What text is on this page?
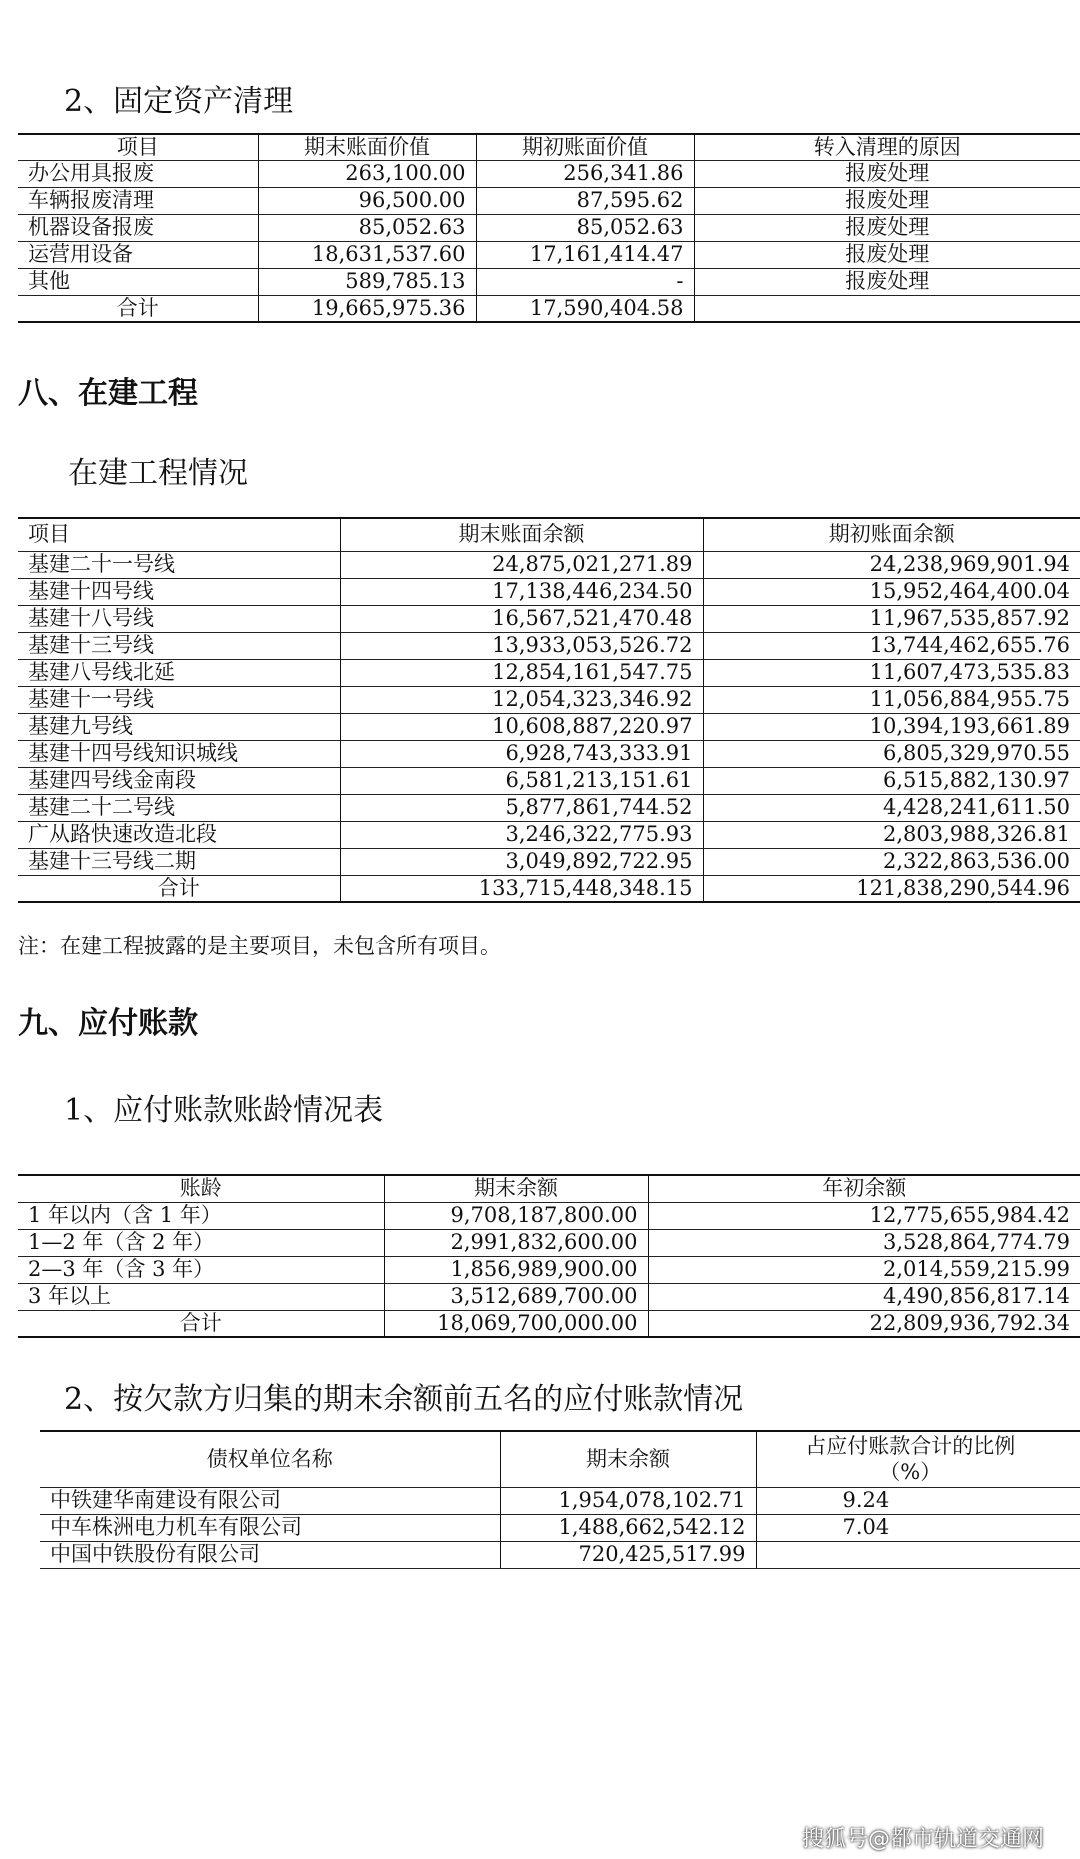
2、固定资产清理
项目	期末账面价值	期初账面价值	转入清理的原因
办公用具报废	263,100.00	256,341.86	报废处理
车辆报废清理	96,500.00	87,595.62	报废处理
机器设备报废	85,052.63	85,052.63	报废处理
运营用设备	18,631,537.60	17,161,414.47	报废处理
其他	589,785.13	-	报废处理
合计	19,665,975.36	17,590,404.58	
八、在建工程
在建工程情况
项目	期末账面余额	期初账面余额
基建二十一号线	24,875,021,271.89	24,238,969,901.94
基建十四号线	17,138,446,234.50	15,952,464,400.04
基建十八号线	16,567,521,470.48	11,967,535,857.92
基建十三号线	13,933,053,526.72	13,744,462,655.76
基建八号线北延	12,854,161,547.75	11,607,473,535.83
基建十一号线	12,054,323,346.92	11,056,884,955.75
基建九号线	10,608,887,220.97	10,394,193,661.89
基建十四号线知识城线	6,928,743,333.91	6,805,329,970.55
基建四号线金南段	6,581,213,151.61	6,515,882,130.97
基建二十二号线	5,877,861,744.52	4,428,241,611.50
广从路快速改造北段	3,246,322,775.93	2,803,988,326.81
基建十三号线二期	3,049,892,722.95	2,322,863,536.00
合计	133,715,448,348.15	121,838,290,544.96
注：在建工程披露的是主要项目，未包含所有项目。
九、应付账款
1、应付账款账龄情况表
账龄	期末余额	年初余额
1 年以内（含 1 年）	9,708,187,800.00	12,775,655,984.42
1—2 年（含 2 年）	2,991,832,600.00	3,528,864,774.79
2—3 年（含 3 年）	1,856,989,900.00	2,014,559,215.99
3 年以上	3,512,689,700.00	4,490,856,817.14
合计	18,069,700,000.00	22,809,936,792.34
2、按欠款方归集的期末余额前五名的应付账款情况
债权单位名称	期末余额	占应付账款合计的比例（%）
中铁建华南建设有限公司	1,954,078,102.71	9.24
中车株洲电力机车有限公司	1,488,662,542.12	7.04
中国中铁股份有限公司	720,425,517.99	
搜狐号@都市轨道交通网
